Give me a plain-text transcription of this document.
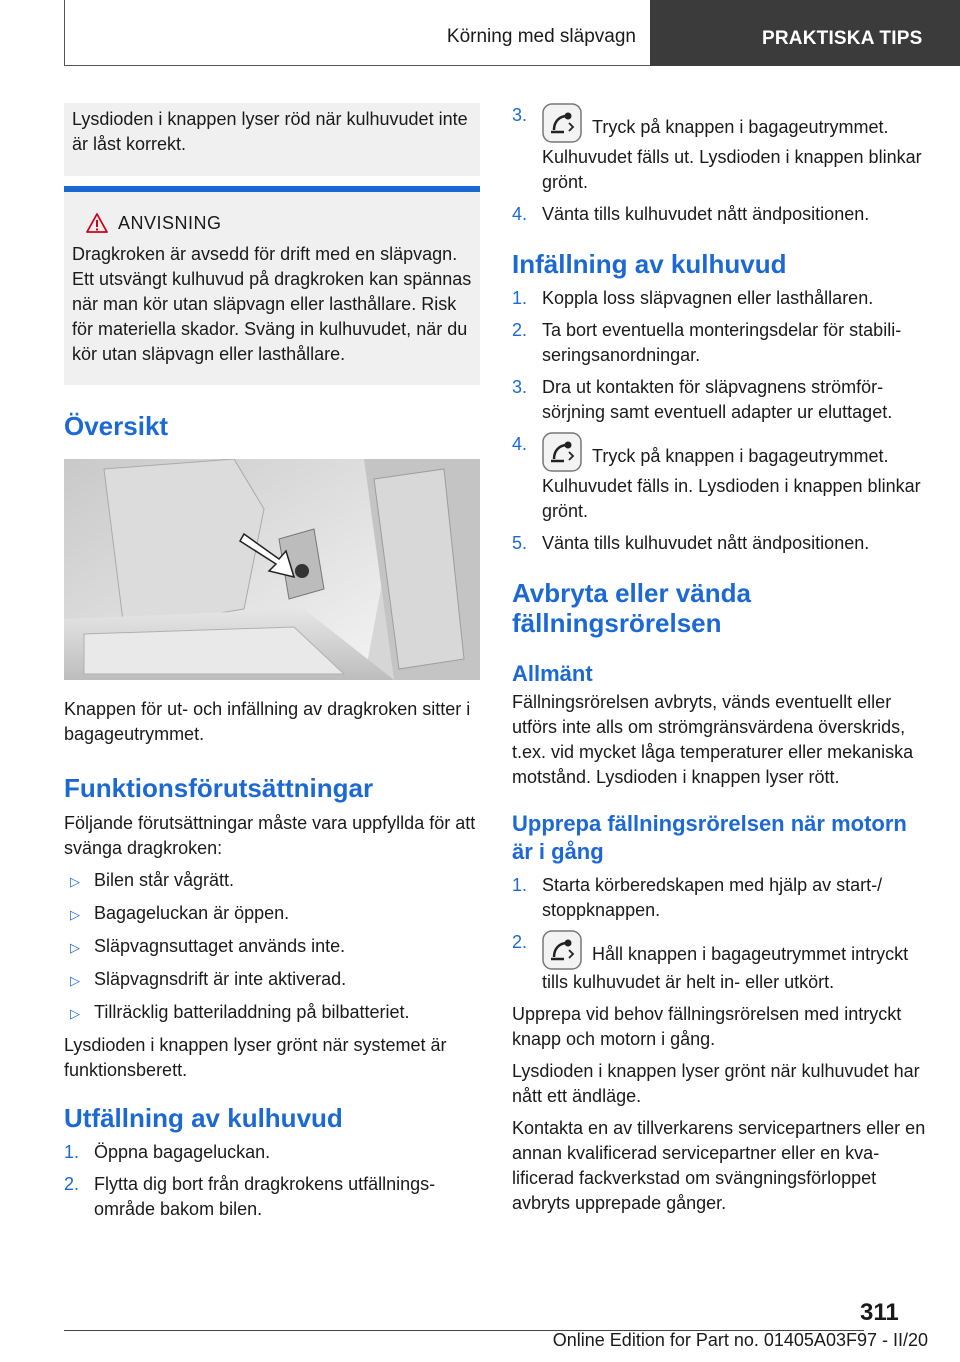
Körning med släpvagn	PRAKTISKA TIPS

Lysdioden i knappen lyser röd när kulhuvudet inte är låst korrekt.

ANVISNING

Dragkroken är avsedd för drift med en släpvagn. Ett utsvängt kulhuvud på dragkroken kan spännas när man kör utan släpvagn eller lasthållare. Risk för materiella skador. Sväng in kulhuvudet, när du kör utan släpvagn eller lasthållare.

Översikt

Knappen för ut- och infällning av dragkroken sitter i bagageutrymmet.

Funktionsförutsättningar

Följande förutsättningar måste vara uppfyllda för att svänga dragkroken:

▷ Bilen står vågrätt.
▷ Bagageluckan är öppen.
▷ Släpvagnsuttaget används inte.
▷ Släpvagnsdrift är inte aktiverad.
▷ Tillräcklig batteriladdning på bilbatteriet.

Lysdioden i knappen lyser grönt när systemet är funktionsberett.

Utfällning av kulhuvud
1. Öppna bagageluckan.
2. Flytta dig bort från dragkrokens utfällningsområde bakom bilen.
3.
Tryck på knappen i bagageutrymmet.
Kulhuvudet fälls ut. Lysdioden i knappen blinkar grönt.
4. Vänta tills kulhuvudet nått ändpositionen.
Infällning av kulhuvud
1. Koppla loss släpvagnen eller lasthållaren.
2. Ta bort eventuella monteringsdelar för stabiliseringsanordningar.
3. Dra ut kontakten för släpvagnens strömförsörjning samt eventuell adapter ur eluttaget.
4.
Tryck på knappen i bagageutrymmet.
Kulhuvudet fälls in. Lysdioden i knappen blinkar grönt.
5. Vänta tills kulhuvudet nått ändpositionen.
Avbryta eller vända fällningsrörelsen
Allmänt

Fällningsrörelsen avbryts, vänds eventuellt eller utförs inte alls om strömgränsvärdena överskrids, t.ex. vid mycket låga temperaturer eller mekaniska motstånd. Lysdioden i knappen lyser rött.

Upprepa fällningsrörelsen när motorn är i gång
1. Starta körberedskapen med hjälp av start-/ stoppknappen.
2.
Håll knappen i bagageutrymmet intryckt tills kulhuvudet är helt in- eller utkört.

Upprepa vid behov fällningsrörelsen med intryckt knapp och motorn i gång.

Lysdioden i knappen lyser grönt när kulhuvudet har nått ett ändläge.

Kontakta en av tillverkarens servicepartners eller en annan kvalificerad servicepartner eller en kvalificerad fackverkstad om svängningsförloppet avbryts upprepade gånger.

311
Online Edition for Part no. 01405A03F97 - II/20
